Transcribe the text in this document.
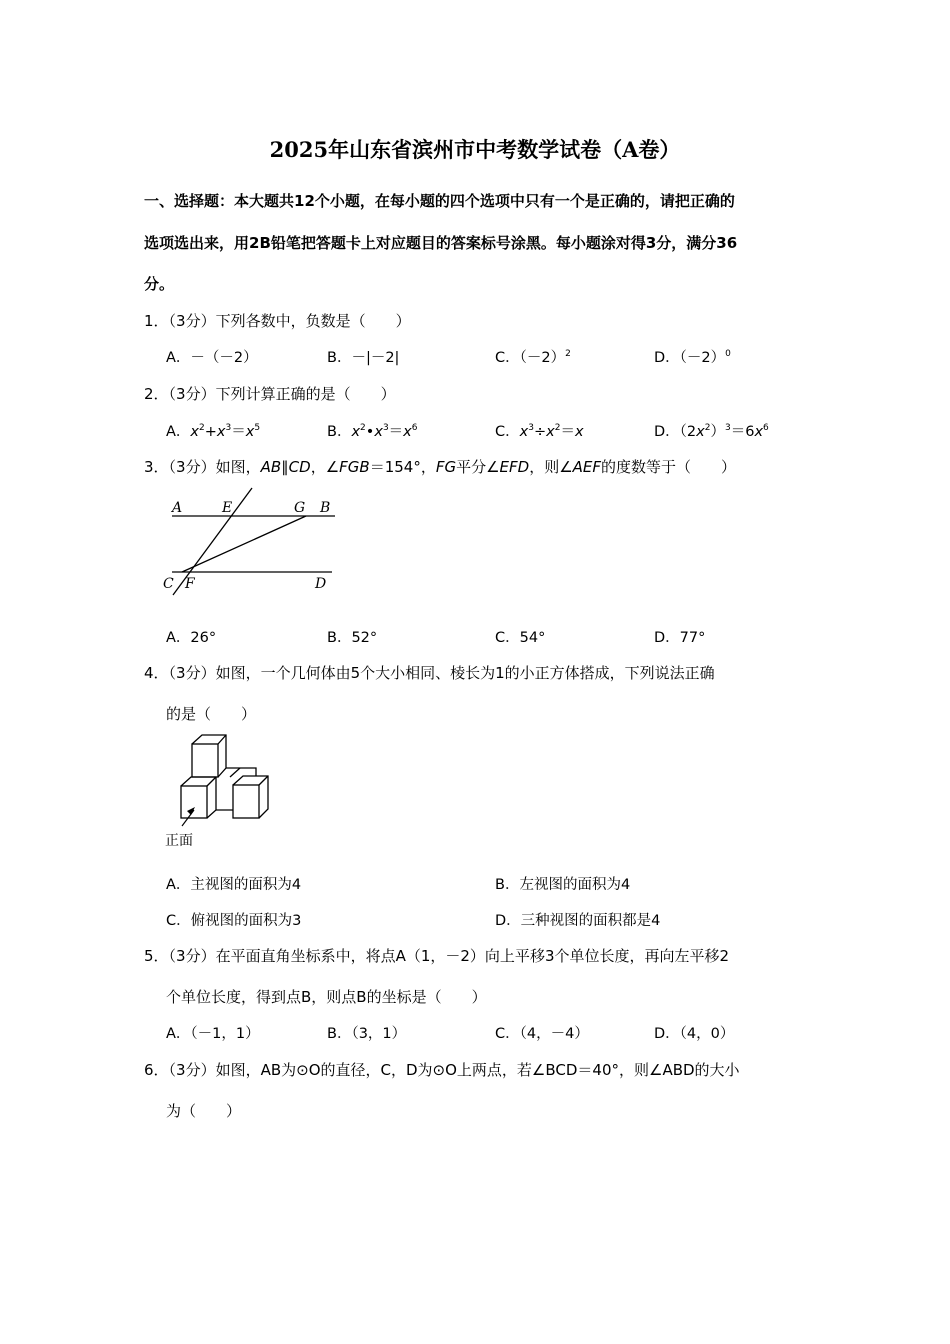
2025年山东省滨州市中考数学试卷（A卷）
一、选择题：本大题共12个小题，在每小题的四个选项中只有一个是正确的，请把正确的
选项选出来，用2B铅笔把答题卡上对应题目的答案标号涂黑。每小题涂对得3分，满分36
分。
1．（3分）下列各数中，负数是（　　）
A．－（－2）	B．－|－2|	C．$(-2)^2$	D．$(-2)^0$
2．（3分）下列计算正确的是（　　）
A．$x^2+x^3=x^5$	B．$x^2•x^3=x^6$	C．$x^3\div x^2=x$	D．$(2x^2)^3=6x^6$
3．（3分）如图，AB∥CD，∠FGB＝154°，FG平分∠EFD，则∠AEF的度数等于（　　）
A	E	G B
C F	D
A．26°	B．52°	C．54°	D．77°
4．（3分）如图，一个几何体由5个大小相同、棱长为1的小正方体搭成，下列说法正确
的是（　　）
正面
A．主视图的面积为4	B．左视图的面积为4
C．俯视图的面积为3	D．三种视图的面积都是4
5．（3分）在平面直角坐标系中，将点A（1，－2）向上平移3个单位长度，再向左平移2
个单位长度，得到点B，则点B的坐标是（　　）
A．（－1，1）	B．（3，1）	C．（4，－4）	D．（4，0）
6．（3分）如图，AB为⊙O的直径，C，D为⊙O上两点，若∠BCD＝40°，则∠ABD的大小
为（　　）
